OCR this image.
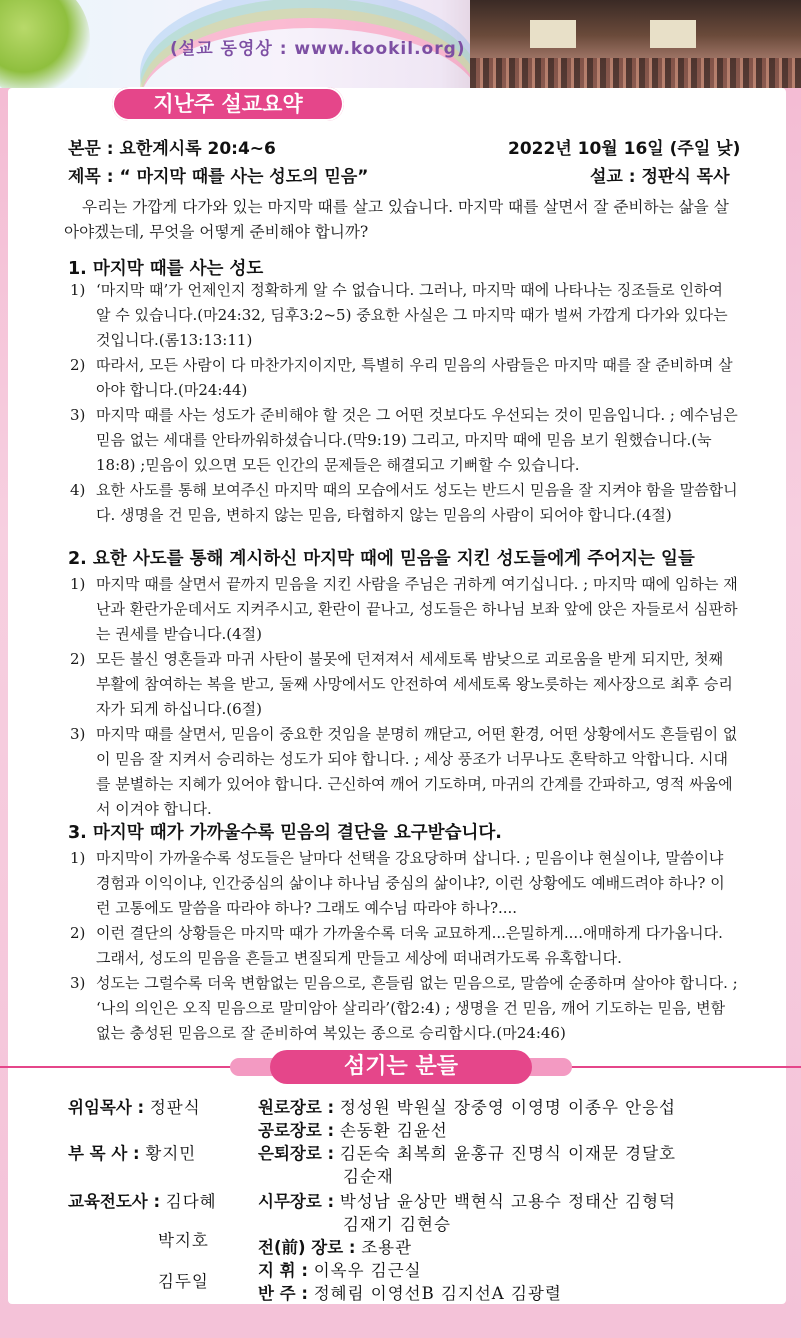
(설교 동영상 : www.kookil.org)
지난주 설교요약
본문 : 요한계시록 20:4~6	2022년 10월 16일 (주일 낮)
제목 : “ 마지막 때를 사는 성도의 믿음”	설교 : 정판식 목사
우리는 가깝게 다가와 있는 마지막 때를 살고 있습니다. 마지막 때를 살면서 잘 준비하는 삶을 살아야겠는데, 무엇을 어떻게 준비해야 합니까?
1. 마지막 때를 사는 성도

1) ‘마지막 때’가 언제인지 정확하게 알 수 없습니다. 그러나, 마지막 때에 나타나는 징조들로 인하여 알 수 있습니다.(마24:32, 딤후3:2~5) 중요한 사실은 그 마지막 때가 벌써 가깝게 다가와 있다는 것입니다.(롬13:13:11)

2) 따라서, 모든 사람이 다 마찬가지이지만, 특별히 우리 믿음의 사람들은 마지막 때를 잘 준비하며 살아야 합니다.(마24:44)

3) 마지막 때를 사는 성도가 준비해야 할 것은 그 어떤 것보다도 우선되는 것이 믿음입니다. ; 예수님은 믿음 없는 세대를 안타까워하셨습니다.(막9:19) 그리고, 마지막 때에 믿음 보기 원했습니다.(눅18:8) ;믿음이 있으면 모든 인간의 문제들은 해결되고 기뻐할 수 있습니다.

4) 요한 사도를 통해 보여주신 마지막 때의 모습에서도 성도는 반드시 믿음을 잘 지켜야 함을 말씀합니다. 생명을 건 믿음, 변하지 않는 믿음, 타협하지 않는 믿음의 사람이 되어야 합니다.(4절)

2. 요한 사도를 통해 계시하신 마지막 때에 믿음을 지킨 성도들에게 주어지는 일들

1) 마지막 때를 살면서 끝까지 믿음을 지킨 사람을 주님은 귀하게 여기십니다. ; 마지막 때에 임하는 재난과 환란가운데서도 지켜주시고, 환란이 끝나고, 성도들은 하나님 보좌 앞에 앉은 자들로서 심판하는 권세를 받습니다.(4절)

2) 모든 불신 영혼들과 마귀 사탄이 불못에 던져져서 세세토록 밤낮으로 괴로움을 받게 되지만, 첫째 부활에 참여하는 복을 받고, 둘째 사망에서도 안전하여 세세토록 왕노릇하는 제사장으로 최후 승리자가 되게 하십니다.(6절)

3) 마지막 때를 살면서, 믿음이 중요한 것임을 분명히 깨닫고, 어떤 환경, 어떤 상황에서도 흔들림이 없이 믿음 잘 지켜서 승리하는 성도가 되야 합니다. ; 세상 풍조가 너무나도 혼탁하고 악합니다. 시대를 분별하는 지혜가 있어야 합니다. 근신하여 깨어 기도하며, 마귀의 간계를 간파하고, 영적 싸움에서 이겨야 합니다.

3. 마지막 때가 가까울수록 믿음의 결단을 요구받습니다.

1) 마지막이 가까울수록 성도들은 날마다 선택을 강요당하며 삽니다. ; 믿음이냐 현실이냐, 말씀이냐 경험과 이익이냐, 인간중심의 삶이냐 하나님 중심의 삶이냐?, 이런 상황에도 예배드려야 하나? 이런 고통에도 말씀을 따라야 하나? 그래도 예수님 따라야 하나?....

2) 이런 결단의 상황들은 마지막 때가 가까울수록 더욱 교묘하게...은밀하게....애매하게 다가옵니다. 그래서, 성도의 믿음을 흔들고 변질되게 만들고 세상에 떠내려가도록 유혹합니다.

3) 성도는 그럴수록 더욱 변함없는 믿음으로, 흔들림 없는 믿음으로, 말씀에 순종하며 살아야 합니다. ; ‘나의 의인은 오직 믿음으로 말미암아 살리라’(합2:4) ; 생명을 건 믿음, 깨어 기도하는 믿음, 변함없는 충성된 믿음으로 잘 준비하여 복있는 종으로 승리합시다.(마24:46)

섬기는 분들
위임목사 : 정판식
부 목 사 : 황지민
교육전도사 : 김다혜
박지호
김두일
원로장로 : 정성원 박원실 장중영 이영명 이종우 안응섭
공로장로 : 손동환 김윤선
은퇴장로 : 김돈숙 최복희 윤홍규 진명식 이재문 경달호
김순재
시무장로 : 박성남 윤상만 백현식 고용수 정태산 김형덕
김재기 김현승
전(前) 장로 : 조용관
지 휘 : 이옥우 김근실
반 주 : 정혜림 이영선B 김지선A 김광렬
